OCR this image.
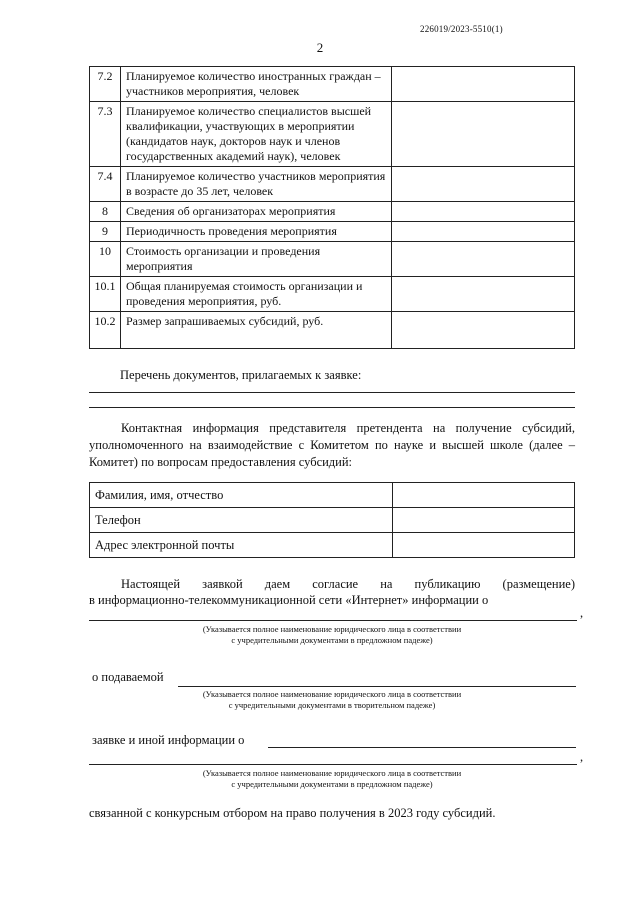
226019/2023-5510(1)
2
7.2	Планируемое количество иностранных граждан – участников мероприятия, человек	
7.3	Планируемое количество специалистов высшей квалификации, участвующих в мероприятии (кандидатов наук, докторов наук и членов государственных академий наук), человек	
7.4	Планируемое количество участников мероприятия в возрасте до 35 лет, человек	
8	Сведения об организаторах мероприятия	
9	Периодичность проведения мероприятия	
10	Стоимость организации и проведения мероприятия	
10.1	Общая планируемая стоимость организации и проведения мероприятия, руб.	
10.2	Размер запрашиваемых субсидий, руб.	
Перечень документов, прилагаемых к заявке:
Контактная информация представителя претендента на получение субсидий, уполномоченного на взаимодействие с Комитетом по науке и высшей школе (далее – Комитет) по вопросам предоставления субсидий:
Фамилия, имя, отчество	
Телефон	
Адрес электронной почты	
Настоящей заявкой даем согласие на публикацию (размещение)
в информационно-телекоммуникационной сети «Интернет» информации о
,
(Указывается полное наименование юридического лица в соответствии
с учредительными документами в предложном падеже)
о подаваемой
(Указывается полное наименование юридического лица в соответствии
с учредительными документами в творительном падеже)
заявке и иной информации о
,
(Указывается полное наименование юридического лица в соответствии
с учредительными документами в предложном падеже)
связанной с конкурсным отбором на право получения в 2023 году субсидий.
